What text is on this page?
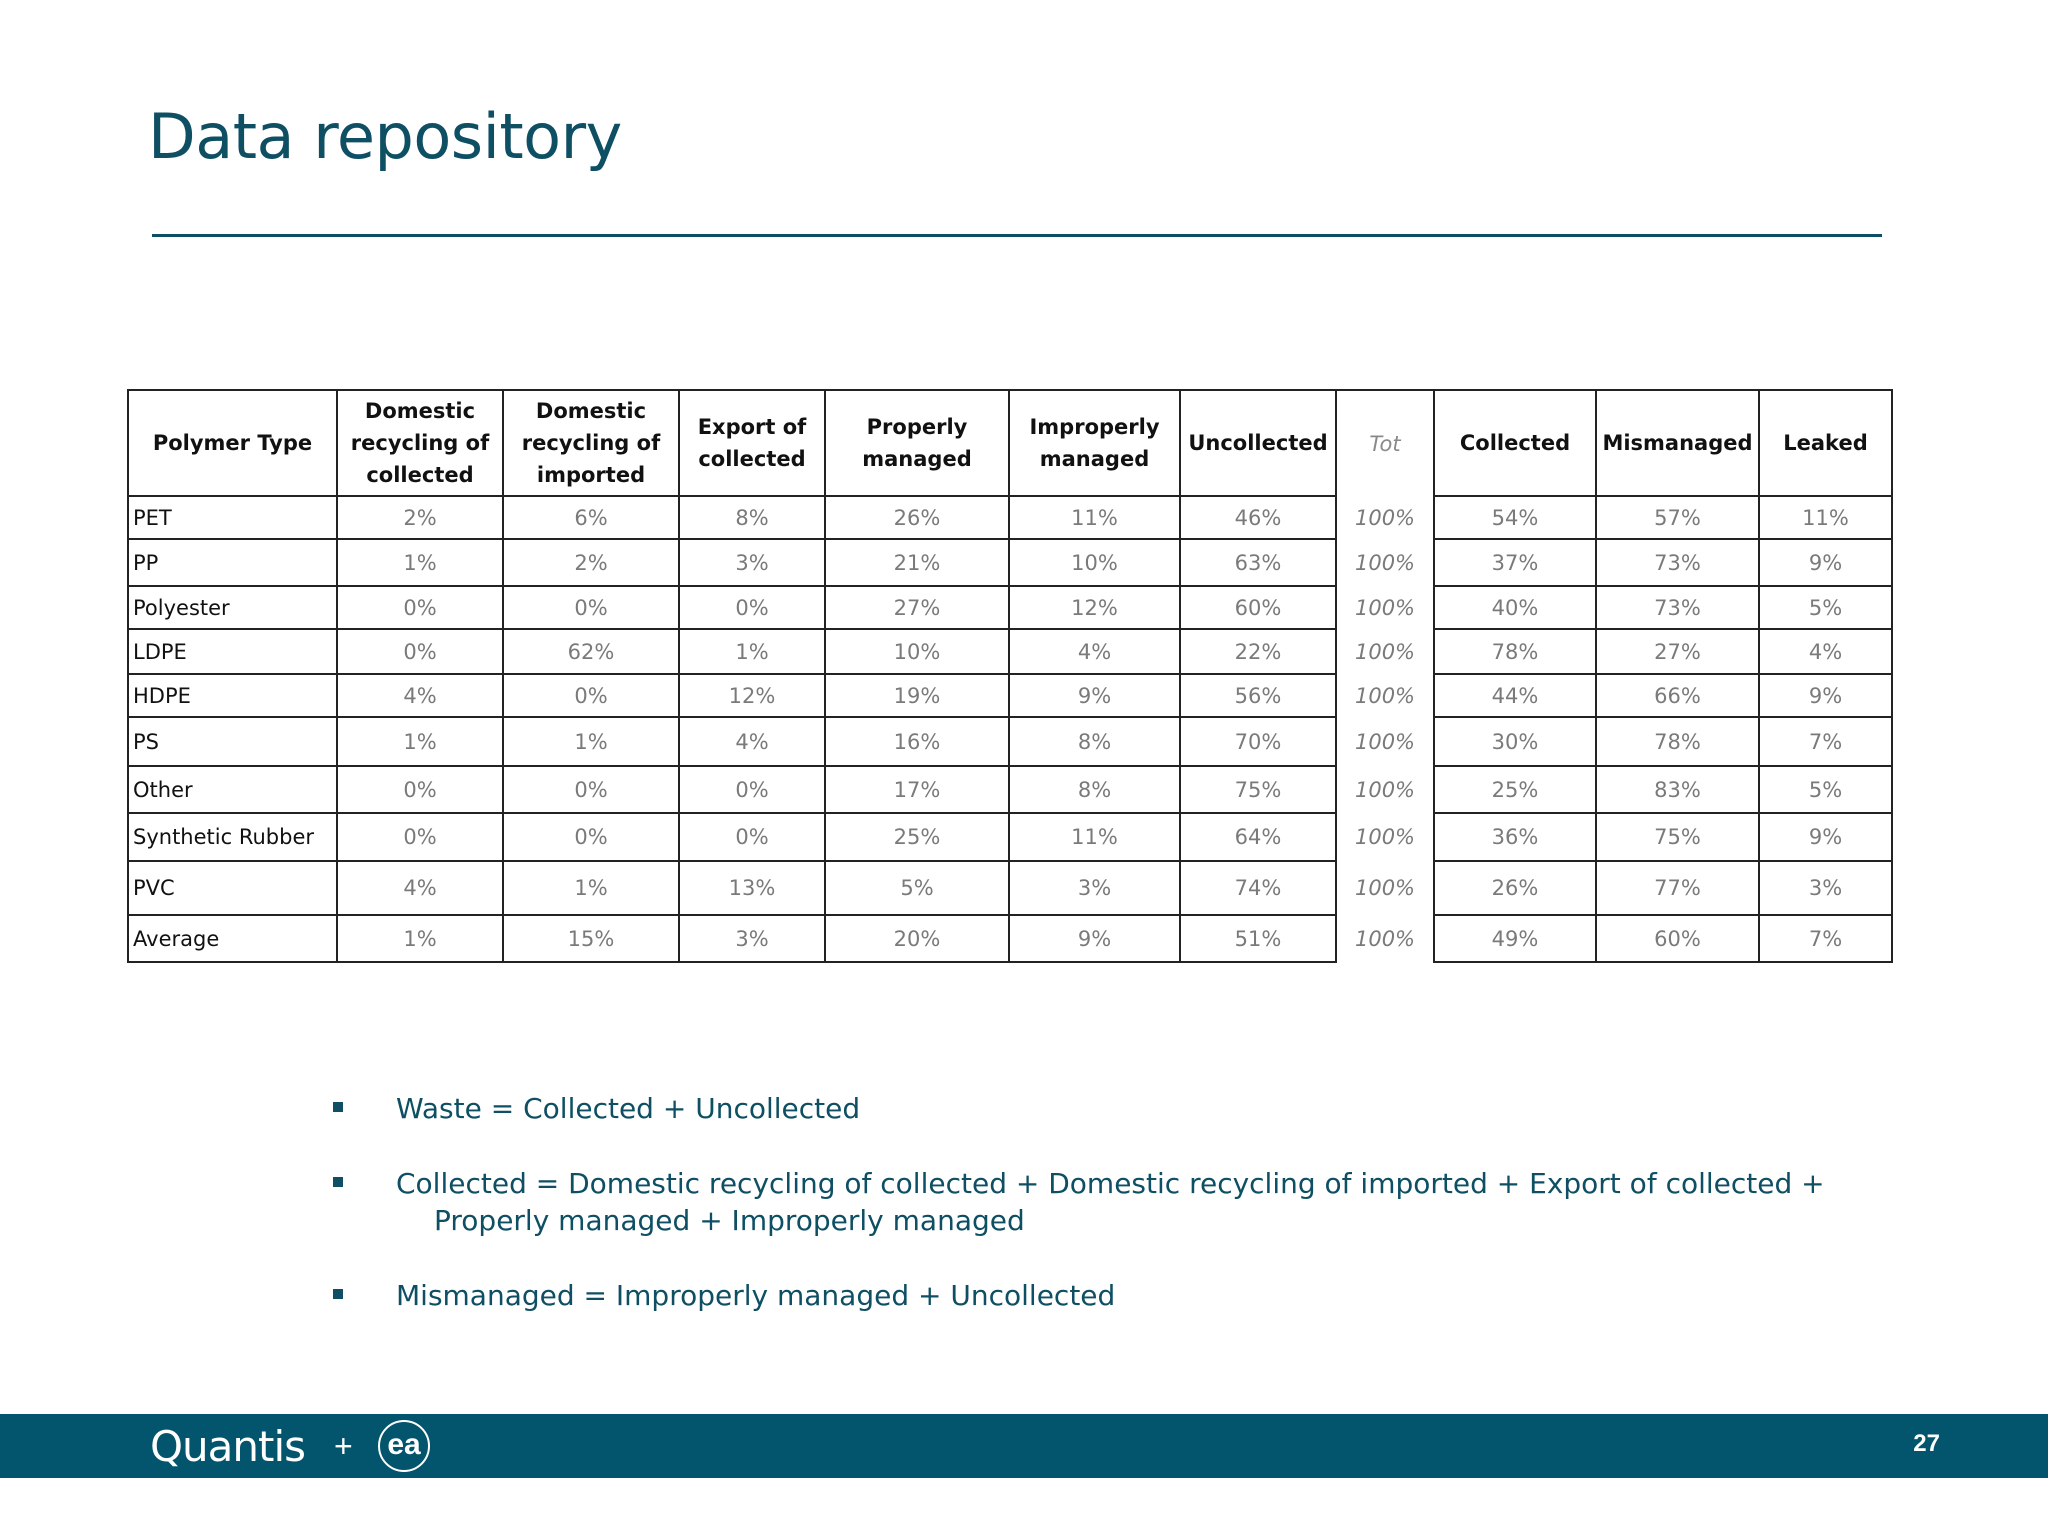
Data repository
Polymer Type	Domestic recycling of collected	Domestic recycling of imported	Export of collected	Properly managed	Improperly managed	Uncollected	Tot	Collected	Mismanaged	Leaked
PET	2%	6%	8%	26%	11%	46%	100%	54%	57%	11%
PP	1%	2%	3%	21%	10%	63%	100%	37%	73%	9%
Polyester	0%	0%	0%	27%	12%	60%	100%	40%	73%	5%
LDPE	0%	62%	1%	10%	4%	22%	100%	78%	27%	4%
HDPE	4%	0%	12%	19%	9%	56%	100%	44%	66%	9%
PS	1%	1%	4%	16%	8%	70%	100%	30%	78%	7%
Other	0%	0%	0%	17%	8%	75%	100%	25%	83%	5%
Synthetic Rubber	0%	0%	0%	25%	11%	64%	100%	36%	75%	9%
PVC	4%	1%	13%	5%	3%	74%	100%	26%	77%	3%
Average	1%	15%	3%	20%	9%	51%	100%	49%	60%	7%
Waste = Collected + Uncollected
Collected = Domestic recycling of collected + Domestic recycling of imported + Export of collected +
Properly managed + Improperly managed
Mismanaged = Improperly managed + Uncollected
Quantis +	ea	27
